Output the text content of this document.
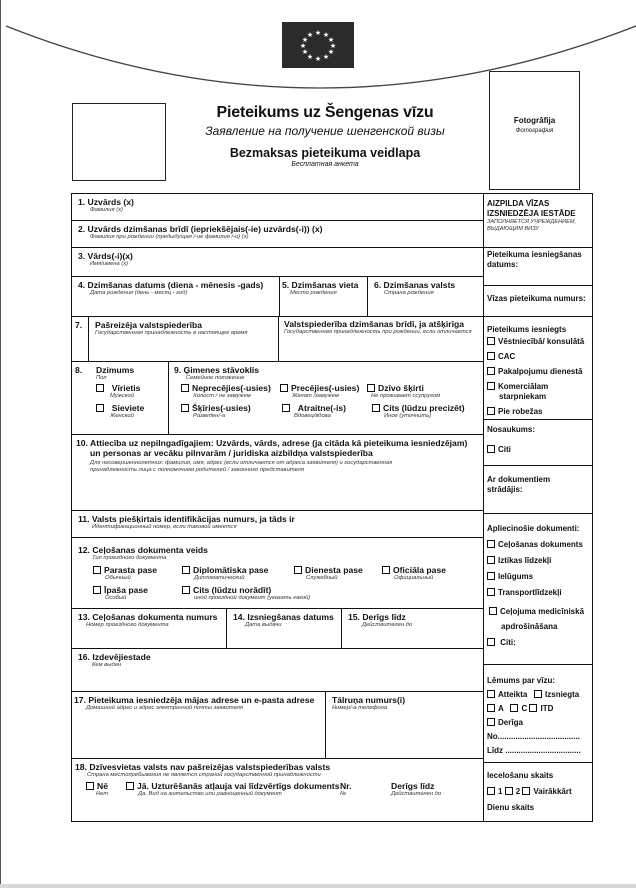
★ ★
★
★
★
★
★
★
★
★
★
★
Fotogrāfija
Фотография
Pieteikums uz Šengenas vīzu
Заявление на получение шенгенской визы
Bezmaksas pieteikuma veidlapa
Бесплатная анкета
1. Uzvārds (x)
Фамилия (x)
2. Uzvārds dzimšanas brīdī (iepriekšējais(-ie) uzvārds(-i)) (x)
Фамилия при рождении (предыдущая /-ие фамилия /-и) (x)
3. Vārds(-i)(x)
Имя/имена (x)
4. Dzimšanas datums (diena - mēnesis -gads)
Дата рождения (день - месяц - год)
5. Dzimšanas vieta
Место рождения
6. Dzimšanas valsts
Страна рождения
7.	Pašreizēja valstspiederība
Государственная принадлежность в настоящее время
Valstspiederība dzimšanas brīdī, ja atšķirīga
Государственная принадлежность при рождении, если отличается
8. Dzimums
Пол
Vīrietis
Мужской
Sieviete
Женский
9. Ģimenes stāvoklis
Семейное положение
Neprecējies(-usies)
Холост / не замужем
Precējies(-usies)
Женат /замужем
Dzīvo šķirti
Не проживает ссупругом
Šķīries(-usies)
Разведен/-а
Atraitne(-is)
Вдовец/вдова
Cits (lūdzu precizēt)
Иное (уточнить)
10. Attiecība uz nepilngadīgajiem: Uzvārds, vārds, adrese (ja citāda kā pieteikuma iesniedzējam)
un personas ar vecāku pilnvarām / juridiska aizbildņa valstspiederība
Для несовершеннолетних: фамилия, имя, адрес (если отличается от адреса заявителя) и государственная
принадлежность лица с полномочием родителей / законного представителя
11. Valsts piešķirtais identifikācijas numurs, ja tāds ir
Идентификационный номер, если таковой имеется
12. Ceļošanas dokumenta veids
Тип проездного документа
Parasta pase
Обычный
Diplomātiska pase
Дипломатический
Dienesta pase
Служебный
Oficiāla pase
Официальный
Īpaša pase
Особый
Cits (lūdzu norādīt)
иной проездной документ (указать какой)
13. Ceļošanas dokumenta numurs
Номер проездного документа
14. Izsniegšanas datums
Дата выдачи
15. Derīgs līdz
Действителен до
16. Izdevējiestade
Кем выдан
17. Pieteikuma iesniedzēja mājas adrese un e-pasta adrese
Домашний адрес и адрес электронной почты заявителя
Tālruņa numurs(i)
Номер/-а телефона
18. Dzīvesvietas valsts nav pašreizējas valstspiederības valsts
Страна местопребывания не является страной государственной принадлежности
Nē
Нет
Jā. Uzturēšanās atļauja vai līdzvērtīgs dokuments
Да. Вид на жительство или равноценный документ
Nr.
№
Derīgs līdz
Действителен до
AIZPILDA VĪZAS IZSNIEDZĒJA IESTĀDE
ЗАПОЛНЯЕТСЯ УЧРЕЖДЕНИЕМ, ВЫДАЮЩИМ ВИЗУ
Pieteikuma iesniegšanas datums:
Vīzas pieteikuma numurs:
Pieteikums iesniegts
Vēstniecībā/ konsulātā
CAC
Pakalpojumu dienestā
Komerciālam starpniekam
Pie robežas
Nosaukums:
Citi
Ar dokumentiem strādājis:
Apliecinošie dokumenti:
Ceļošanas dokuments
Iztikas līdzekļi
Ielūgums
Transportlīdzekļi
Ceļojuma medicīniskā apdrošināšana
Citi:
Lēmums par vīzu:
Atteikta Izsniegta
A C ITD
Derīga
No.....................................
Līdz ..................................
Iecelošanu skaits
1 2 Vairākkārt
Dienu skaits
